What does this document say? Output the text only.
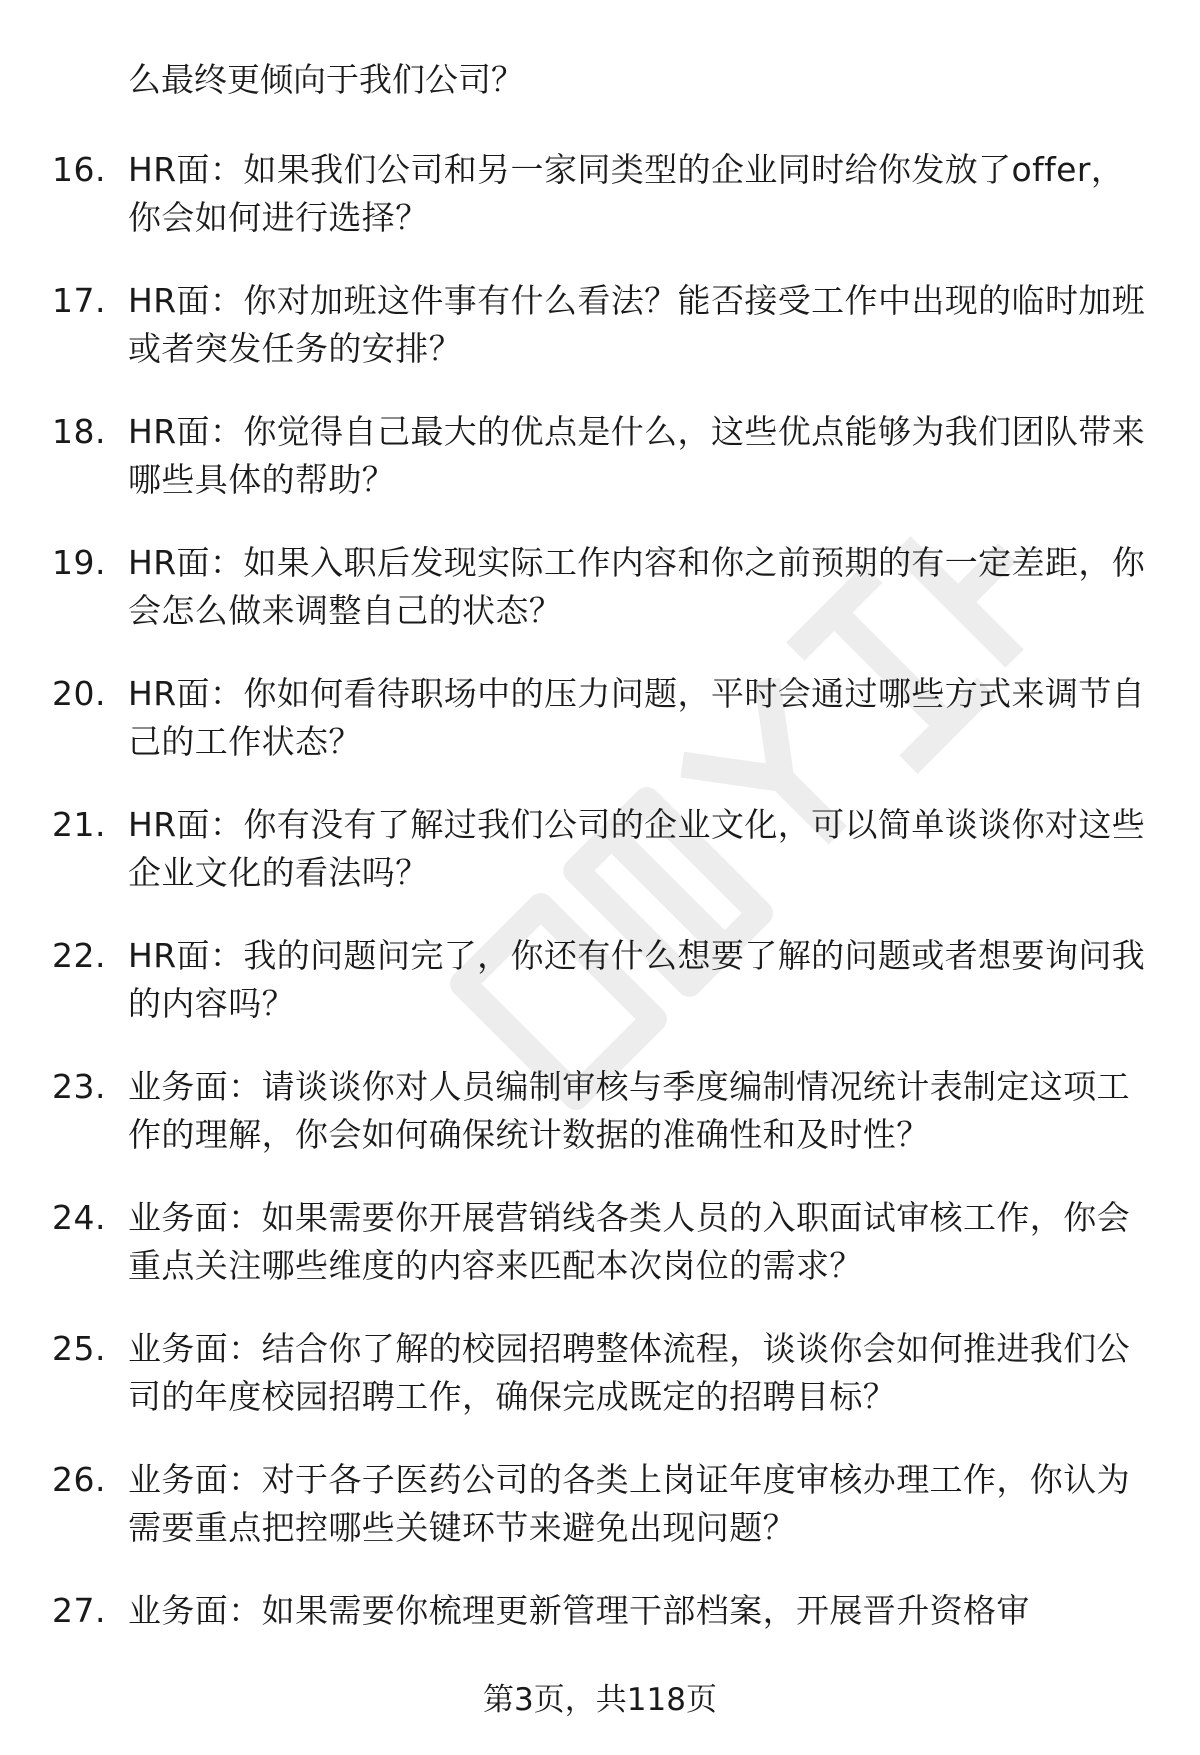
么最终更倾向于我们公司？

16. HR面：如果我们公司和另一家同类型的企业同时给你发放了offer，你会如何进行选择？
17. HR面：你对加班这件事有什么看法？能否接受工作中出现的临时加班或者突发任务的安排？
18. HR面：你觉得自己最大的优点是什么，这些优点能够为我们团队带来哪些具体的帮助？
19. HR面：如果入职后发现实际工作内容和你之前预期的有一定差距，你会怎么做来调整自己的状态？
20. HR面：你如何看待职场中的压力问题，平时会通过哪些方式来调节自己的工作状态？
21. HR面：你有没有了解过我们公司的企业文化，可以简单谈谈你对这些企业文化的看法吗？
22. HR面：我的问题问完了，你还有什么想要了解的问题或者想要询问我的内容吗？
23. 业务面：请谈谈你对人员编制审核与季度编制情况统计表制定这项工作的理解，你会如何确保统计数据的准确性和及时性？
24. 业务面：如果需要你开展营销线各类人员的入职面试审核工作，你会重点关注哪些维度的内容来匹配本次岗位的需求？
25. 业务面：结合你了解的校园招聘整体流程，谈谈你会如何推进我们公司的年度校园招聘工作，确保完成既定的招聘目标？
26. 业务面：对于各子医药公司的各类上岗证年度审核办理工作，你认为需要重点把控哪些关键环节来避免出现问题？
27. 业务面：如果需要你梳理更新管理干部档案，开展晋升资格审
第3页，共118页
